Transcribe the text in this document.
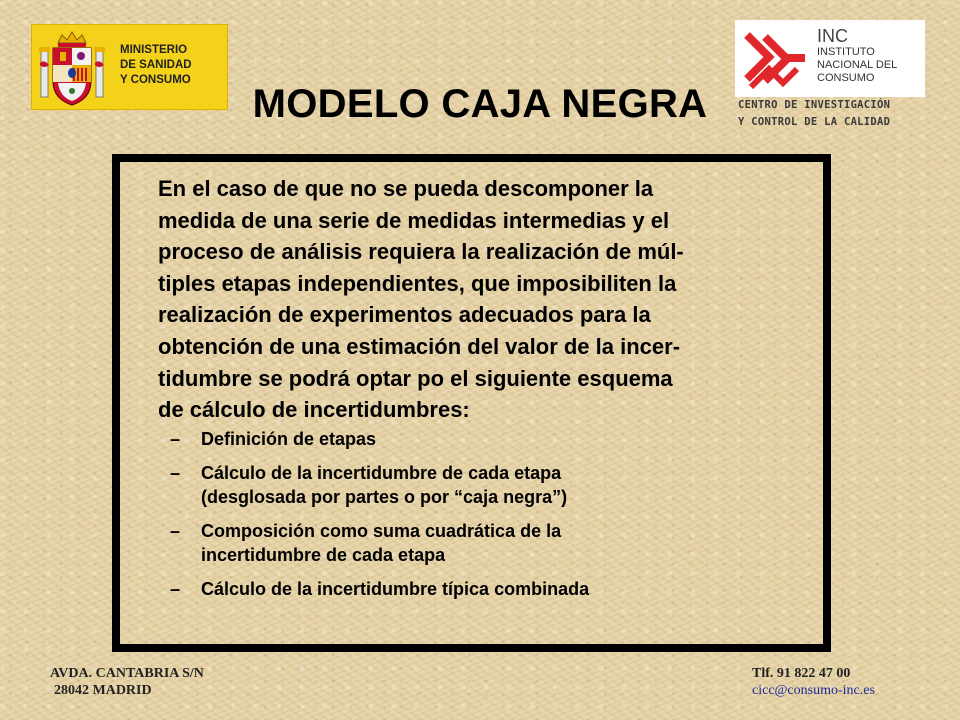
MINISTERIO
DE SANIDAD
Y CONSUMO
INC
INSTITUTO
NACIONAL DEL
CONSUMO
CENTRO DE INVESTIGACIÓN
Y CONTROL DE LA CALIDAD
MODELO CAJA NEGRA

En el caso de que no se pueda descomponer la
medida de una serie de medidas intermedias y el
proceso de análisis requiera la realización de múl-
tiples etapas independientes, que imposibiliten la
realización de experimentos adecuados para la
obtención de una estimación del valor de la incer-
tidumbre se podrá optar po el siguiente esquema
de cálculo de incertidumbres:

– Definición de etapas
– Cálculo de la incertidumbre de cada etapa
(desglosada por partes o por “caja negra”)
– Composición como suma cuadrática de la
incertidumbre de cada etapa
– Cálculo de la incertidumbre típica combinada
AVDA. CANTABRIA S/N
28042 MADRID
Tlf. 91 822 47 00
cicc@consumo-inc.es
